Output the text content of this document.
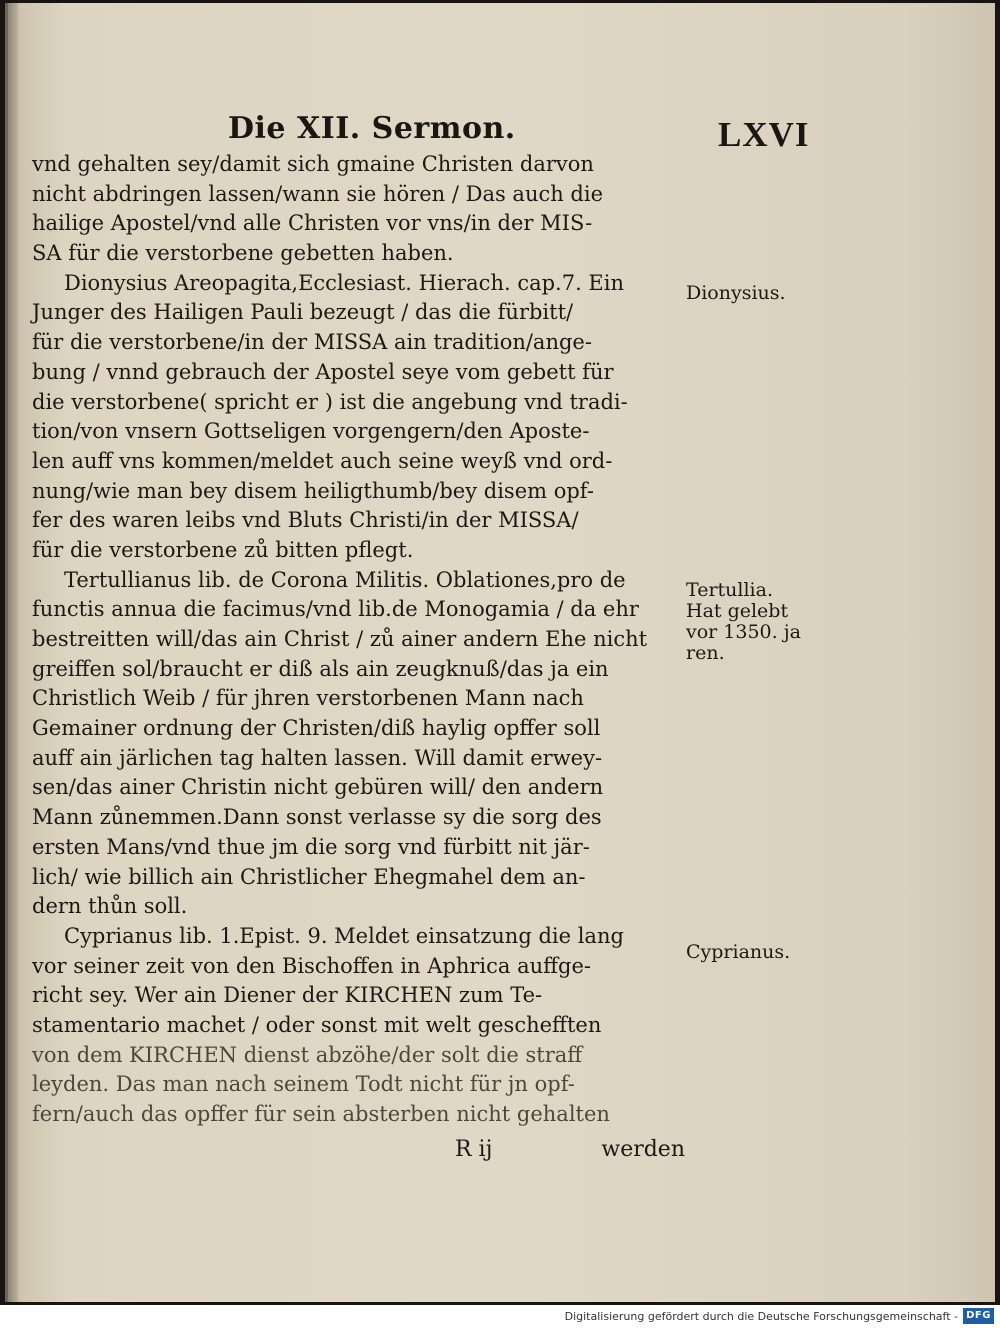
Die XII. Sermon.	LXVI
vnd gehalten sey/damit sich gmaine Christen darvon
nicht abdringen lassen/wann sie hören / Das auch die
hailige Apostel/vnd alle Christen vor vns/in der MIS-
SA für die verstorbene gebetten haben.
Dionysius Areopagita,Ecclesiast. Hierach. cap.7. Ein
Junger des Hailigen Pauli bezeugt / das die fürbitt/
für die verstorbene/in der MISSA ain tradition/ange-
bung / vnnd gebrauch der Apostel seye vom gebett für
die verstorbene( spricht er ) ist die angebung vnd tradi-
tion/von vnsern Gottseligen vorgengern/den Aposte-
len auff vns kommen/meldet auch seine weyß vnd ord-
nung/wie man bey disem heiligthumb/bey disem opf-
fer des waren leibs vnd Bluts Christi/in der MISSA/
für die verstorbene zů bitten pflegt.
Tertullianus lib. de Corona Militis. Oblationes,pro de
functis annua die facimus/vnd lib.de Monogamia / da ehr
bestreitten will/das ain Christ / zů ainer andern Ehe nicht
greiffen sol/braucht er diß als ain zeugknuß/das ja ein
Christlich Weib / für jhren verstorbenen Mann nach
Gemainer ordnung der Christen/diß haylig opffer soll
auff ain järlichen tag halten lassen. Will damit erwey-
sen/das ainer Christin nicht gebüren will/ den andern
Mann zůnemmen.Dann sonst verlasse sy die sorg des
ersten Mans/vnd thue jm die sorg vnd fürbitt nit jär-
lich/ wie billich ain Christlicher Ehegmahel dem an-
dern thůn soll.
Cyprianus lib. 1.Epist. 9. Meldet einsatzung die lang
vor seiner zeit von den Bischoffen in Aphrica auffge-
richt sey. Wer ain Diener der KIRCHEN zum Te-
stamentario machet / oder sonst mit welt geschefften
von dem KIRCHEN dienst abzöhe/der solt die straff
leyden. Das man nach seinem Todt nicht für jn opf-
fern/auch das opffer für sein absterben nicht gehalten
R ij	werden
Dionysius.
Tertullia.
Hat gelebt
vor 1350. ja
ren.
Cyprianus.
Digitalisierung gefördert durch die Deutsche Forschungsgemeinschaft - DFG
